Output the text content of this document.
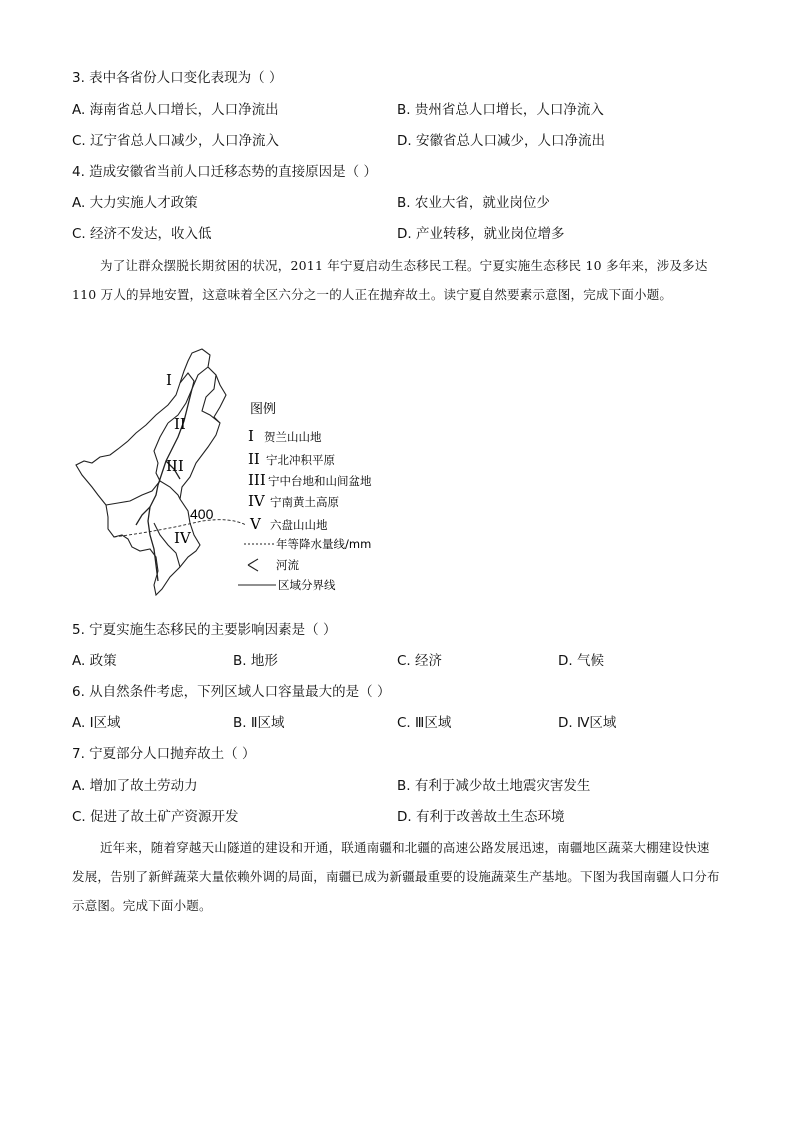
3. 表中各省份人口变化表现为（ ）
A. 海南省总人口增长，人口净流出	B. 贵州省总人口增长，人口净流入
C. 辽宁省总人口减少，人口净流入	D. 安徽省总人口减少，人口净流出
4. 造成安徽省当前人口迁移态势的直接原因是（ ）
A. 大力实施人才政策	B. 农业大省，就业岗位少
C. 经济不发达，收入低	D. 产业转移，就业岗位增多
为了让群众摆脱长期贫困的状况，2011 年宁夏启动生态移民工程。宁夏实施生态移民 10 多年来，涉及多达 110 万人的异地安置，这意味着全区六分之一的人正在抛弃故土。读宁夏自然要素示意图，完成下面小题。
I
II
III
IV
400
图例
I 贺兰山山地
II 宁北冲积平原
III 宁中台地和山间盆地
IV 宁南黄土高原
V 六盘山山地
年等降水量线/mm
河流
区域分界线
5. 宁夏实施生态移民的主要影响因素是（ ）
A. 政策	B. 地形	C. 经济	D. 气候
6. 从自然条件考虑，下列区域人口容量最大的是（ ）
A. Ⅰ区域	B. Ⅱ区域	C. Ⅲ区域	D. Ⅳ区域
7. 宁夏部分人口抛弃故土（ ）
A. 增加了故土劳动力	B. 有利于减少故土地震灾害发生
C. 促进了故土矿产资源开发	D. 有利于改善故土生态环境
近年来，随着穿越天山隧道的建设和开通，联通南疆和北疆的高速公路发展迅速，南疆地区蔬菜大棚建设快速发展，告别了新鲜蔬菜大量依赖外调的局面，南疆已成为新疆最重要的设施蔬菜生产基地。下图为我国南疆人口分布示意图。完成下面小题。
